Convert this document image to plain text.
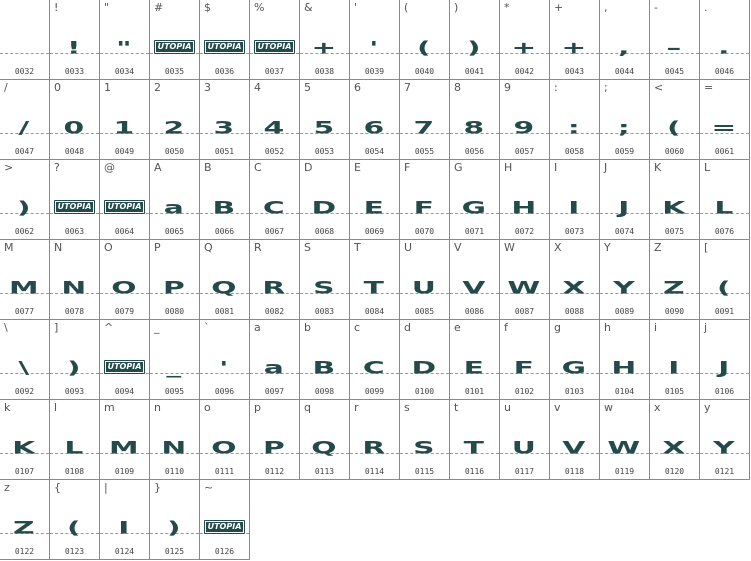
0032
!
!
0033
"
"
0034
#
UTOPIA
0035
$
UTOPIA
0036
%
UTOPIA
0037
&
+
0038
'
'
0039
(
(
0040
)
)
0041
*
+
0042
+
+
0043
,
,
0044
-
–
0045
.
.
0046
/
/
0047
0
0
0048
1
1
0049
2
2
0050
3
3
0051
4
4
0052
5
5
0053
6
6
0054
7
7
0055
8
8
0056
9
9
0057
:
:
0058
;
;
0059
<
(
0060
=
=
0061
>
)
0062
?
UTOPIA
0063
@
UTOPIA
0064
A
a
0065
B
B
0066
C
C
0067
D
D
0068
E
E
0069
F
F
0070
G
G
0071
H
H
0072
I
I
0073
J
J
0074
K
K
0075
L
L
0076
M
M
0077
N
N
0078
O
O
0079
P
P
0080
Q
Q
0081
R
R
0082
S
S
0083
T
T
0084
U
U
0085
V
V
0086
W
W
0087
X
X
0088
Y
Y
0089
Z
Z
0090
[
(
0091
\
\
0092
]
)
0093
^
UTOPIA
0094
_
_
0095
`
'
0096
a
a
0097
b
B
0098
c
C
0099
d
D
0100
e
E
0101
f
F
0102
g
G
0103
h
H
0104
i
I
0105
j
J
0106
k
K
0107
l
L
0108
m
M
0109
n
N
0110
o
O
0111
p
P
0112
q
Q
0113
r
R
0114
s
S
0115
t
T
0116
u
U
0117
v
V
0118
w
W
0119
x
X
0120
y
Y
0121
z
Z
0122
{
(
0123
|
I
0124
}
)
0125
~
UTOPIA
0126
